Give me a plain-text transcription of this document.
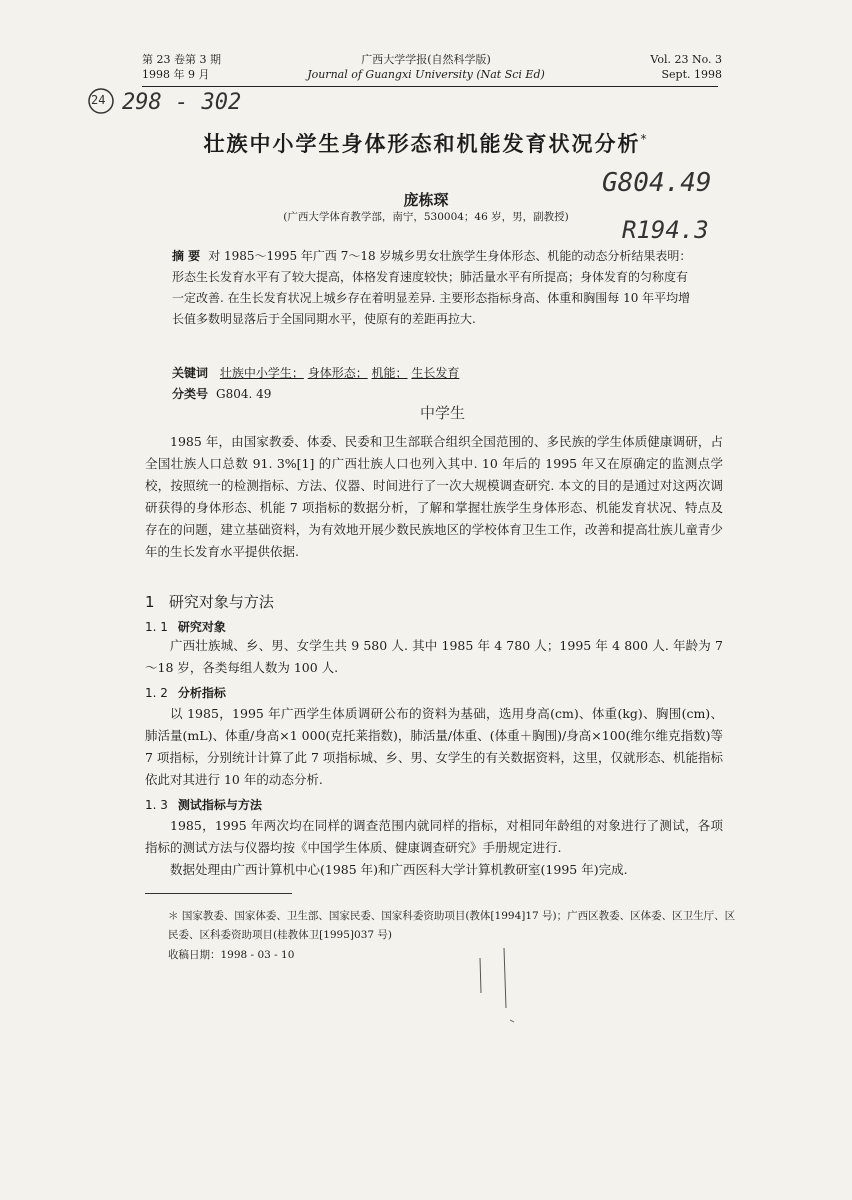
第 23 卷第 3 期
1998 年 9 月
广西大学学报(自然科学版)
Journal of Guangxi University (Nat Sci Ed)
Vol. 23 No. 3
Sept. 1998
24 298 - 302
G804.49
R194.3
中学生
壮族中小学生身体形态和机能发育状况分析*
庞栋琛
(广西大学体育教学部，南宁，530004；46 岁，男，副教授)
摘 要 对 1985～1995 年广西 7～18 岁城乡男女壮族学生身体形态、机能的动态分析结果表明：形态生长发育水平有了较大提高，体格发育速度较快；肺活量水平有所提高；身体发育的匀称度有一定改善. 在生长发育状况上城乡存在着明显差异. 主要形态指标身高、体重和胸围每 10 年平均增长值多数明显落后于全国同期水平，使原有的差距再拉大.
关键词 壮族中小学生； 身体形态； 机能； 生长发育
分类号 G804. 49
1985 年，由国家教委、体委、民委和卫生部联合组织全国范围的、多民族的学生体质健康调研，占全国壮族人口总数 91. 3%[1] 的广西壮族人口也列入其中. 10 年后的 1995 年又在原确定的监测点学校，按照统一的检测指标、方法、仪器、时间进行了一次大规模调查研究. 本文的目的是通过对这两次调研获得的身体形态、机能 7 项指标的数据分析，了解和掌握壮族学生身体形态、机能发育状况、特点及存在的问题，建立基础资料，为有效地开展少数民族地区的学校体育卫生工作，改善和提高壮族儿童青少年的生长发育水平提供依据.
1 研究对象与方法
1. 1 研究对象
广西壮族城、乡、男、女学生共 9 580 人. 其中 1985 年 4 780 人；1995 年 4 800 人. 年龄为 7～18 岁，各类每组人数为 100 人.
1. 2 分析指标
以 1985，1995 年广西学生体质调研公布的资料为基础，选用身高(cm)、体重(kg)、胸围(cm)、肺活量(mL)、体重/身高×1 000(克托莱指数)，肺活量/体重、(体重＋胸围)/身高×100(维尔维克指数)等 7 项指标，分别统计计算了此 7 项指标城、乡、男、女学生的有关数据资料，这里，仅就形态、机能指标依此对其进行 10 年的动态分析.
1. 3 测试指标与方法
1985，1995 年两次均在同样的调查范围内就同样的指标，对相同年龄组的对象进行了测试，各项指标的测试方法与仪器均按《中国学生体质、健康调查研究》手册规定进行.
数据处理由广西计算机中心(1985 年)和广西医科大学计算机教研室(1995 年)完成.
＊ 国家教委、国家体委、卫生部、国家民委、国家科委资助项目(教体[1994]17 号)；广西区教委、区体委、区卫生厅、区民委、区科委资助项目(桂教体卫[1995]037 号)
收稿日期：1998 - 03 - 10
